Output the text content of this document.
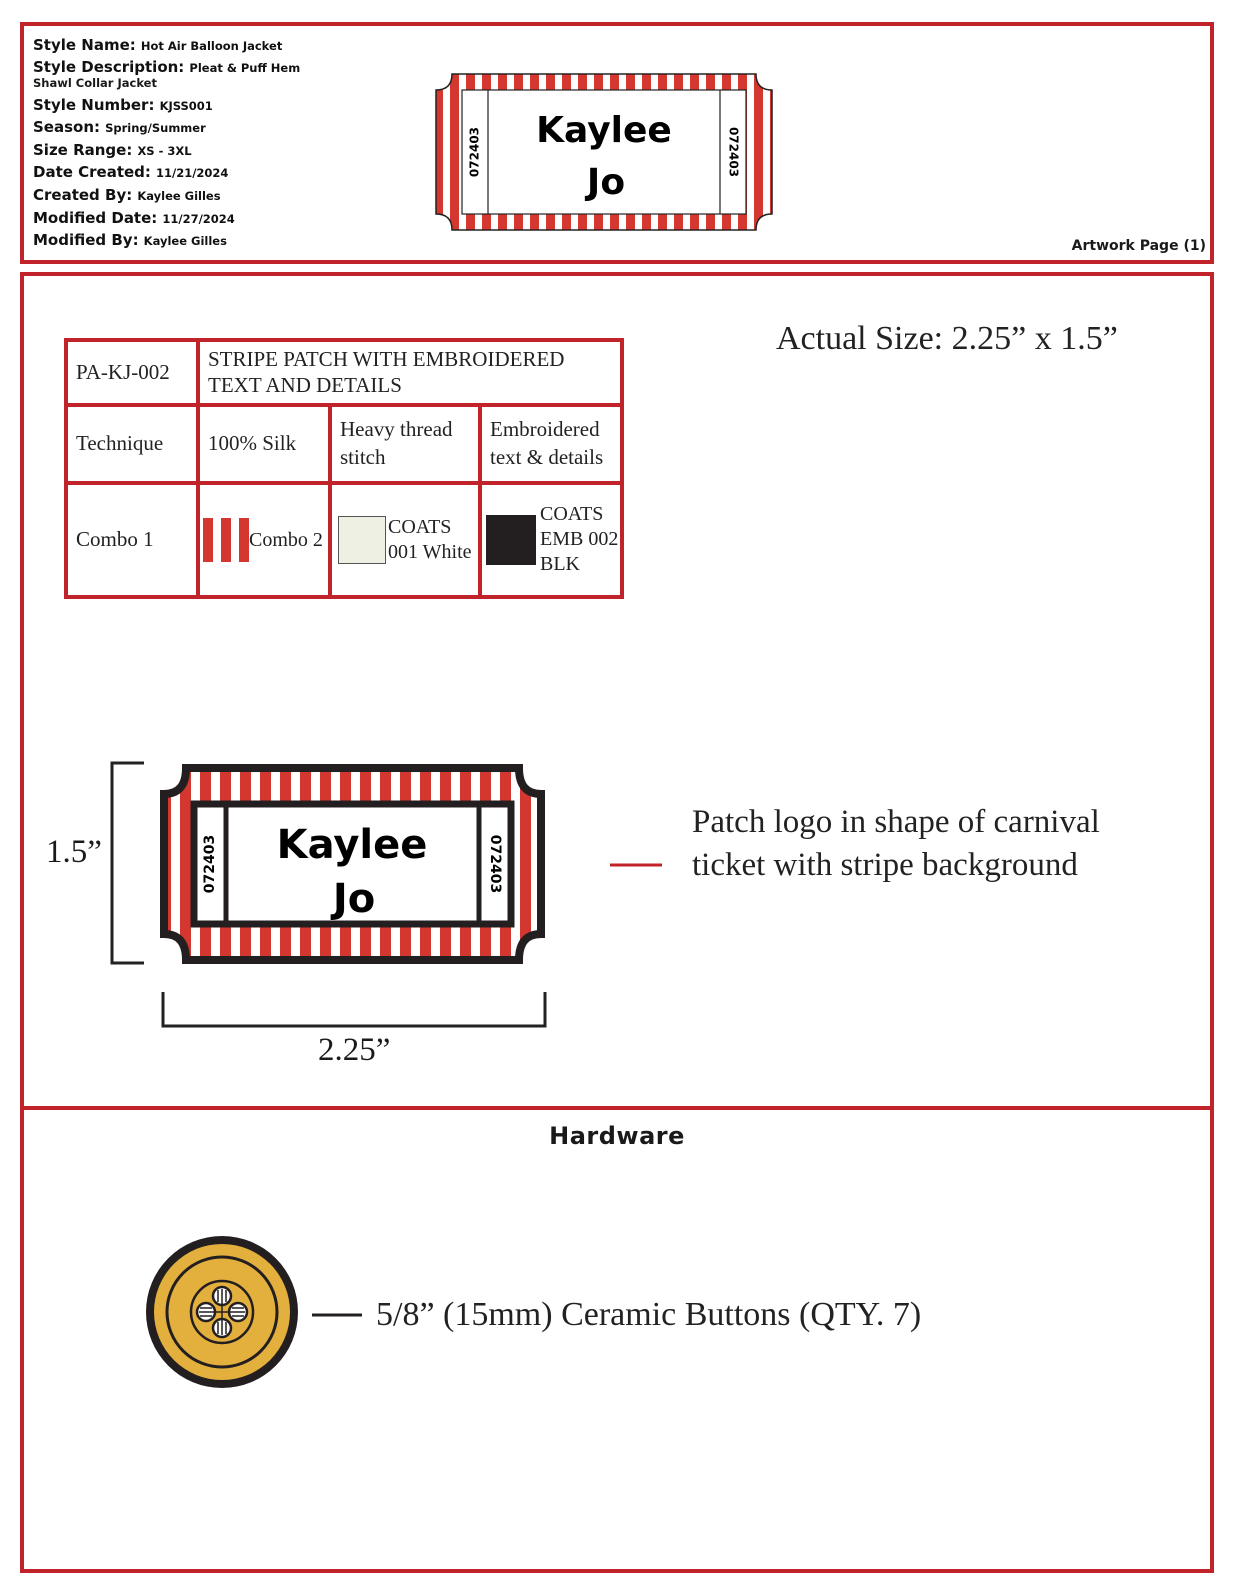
Style Name: Hot Air Balloon Jacket
Style Description: Pleat & Puff Hem
Shawl Collar Jacket
Style Number: KJSS001
Season: Spring/Summer
Size Range: XS - 3XL
Date Created: 11/21/2024
Created By: Kaylee Gilles
Modified Date: 11/27/2024
Modified By: Kaylee Gilles
072403	072403
Kaylee
Jo
Artwork Page (1)
PA-KJ-002	STRIPE PATCH WITH EMBROIDERED TEXT AND DETAILS		
Technique	100% Silk	Heavy thread stitch	Embroidered text & details
Combo 1	Combo 2	COATS 001 White	COATS EMB 002 BLK
Actual Size: 2.25” x 1.5”
1.5”
2.25”
072403	072403
Kaylee
Jo
Patch logo in shape of carnival ticket with stripe background
Hardware
5/8” (15mm) Ceramic Buttons (QTY. 7)
